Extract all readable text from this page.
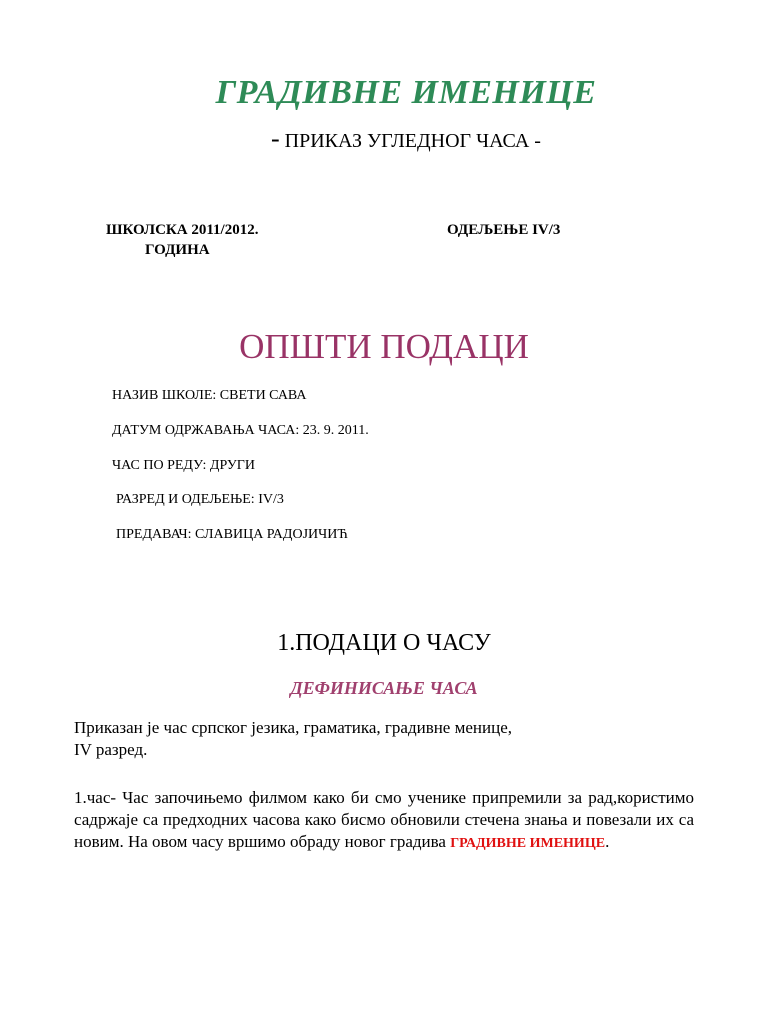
ГРАДИВНЕ ИМЕНИЦЕ
- ПРИКАЗ УГЛЕДНОГ ЧАСА -
ШКОЛСКА 2011/2012.
ГОДИНА
ОДЕЉЕЊЕ IV/3
ОПШТИ ПОДАЦИ
НАЗИВ ШКОЛЕ: СВЕТИ САВА
ДАТУМ ОДРЖАВАЊА ЧАСА: 23. 9. 2011.
ЧАС ПО РЕДУ: ДРУГИ
РАЗРЕД И ОДЕЉЕЊЕ: IV/3
ПРЕДАВАЧ: СЛАВИЦА РАДОЈИЧИЋ
1.ПОДАЦИ О ЧАСУ
ДЕФИНИСАЊЕ ЧАСА
Приказан је час српског језика, граматика, градивне менице,
IV разред.
1.час- Час започињемо филмом како би смо ученике припремили за рад,користимо садржаје са предходних часова како бисмо обновили стечена знања и повезали их са новим. На овом часу вршимо обраду новог градива ГРАДИВНЕ ИМЕНИЦЕ.
